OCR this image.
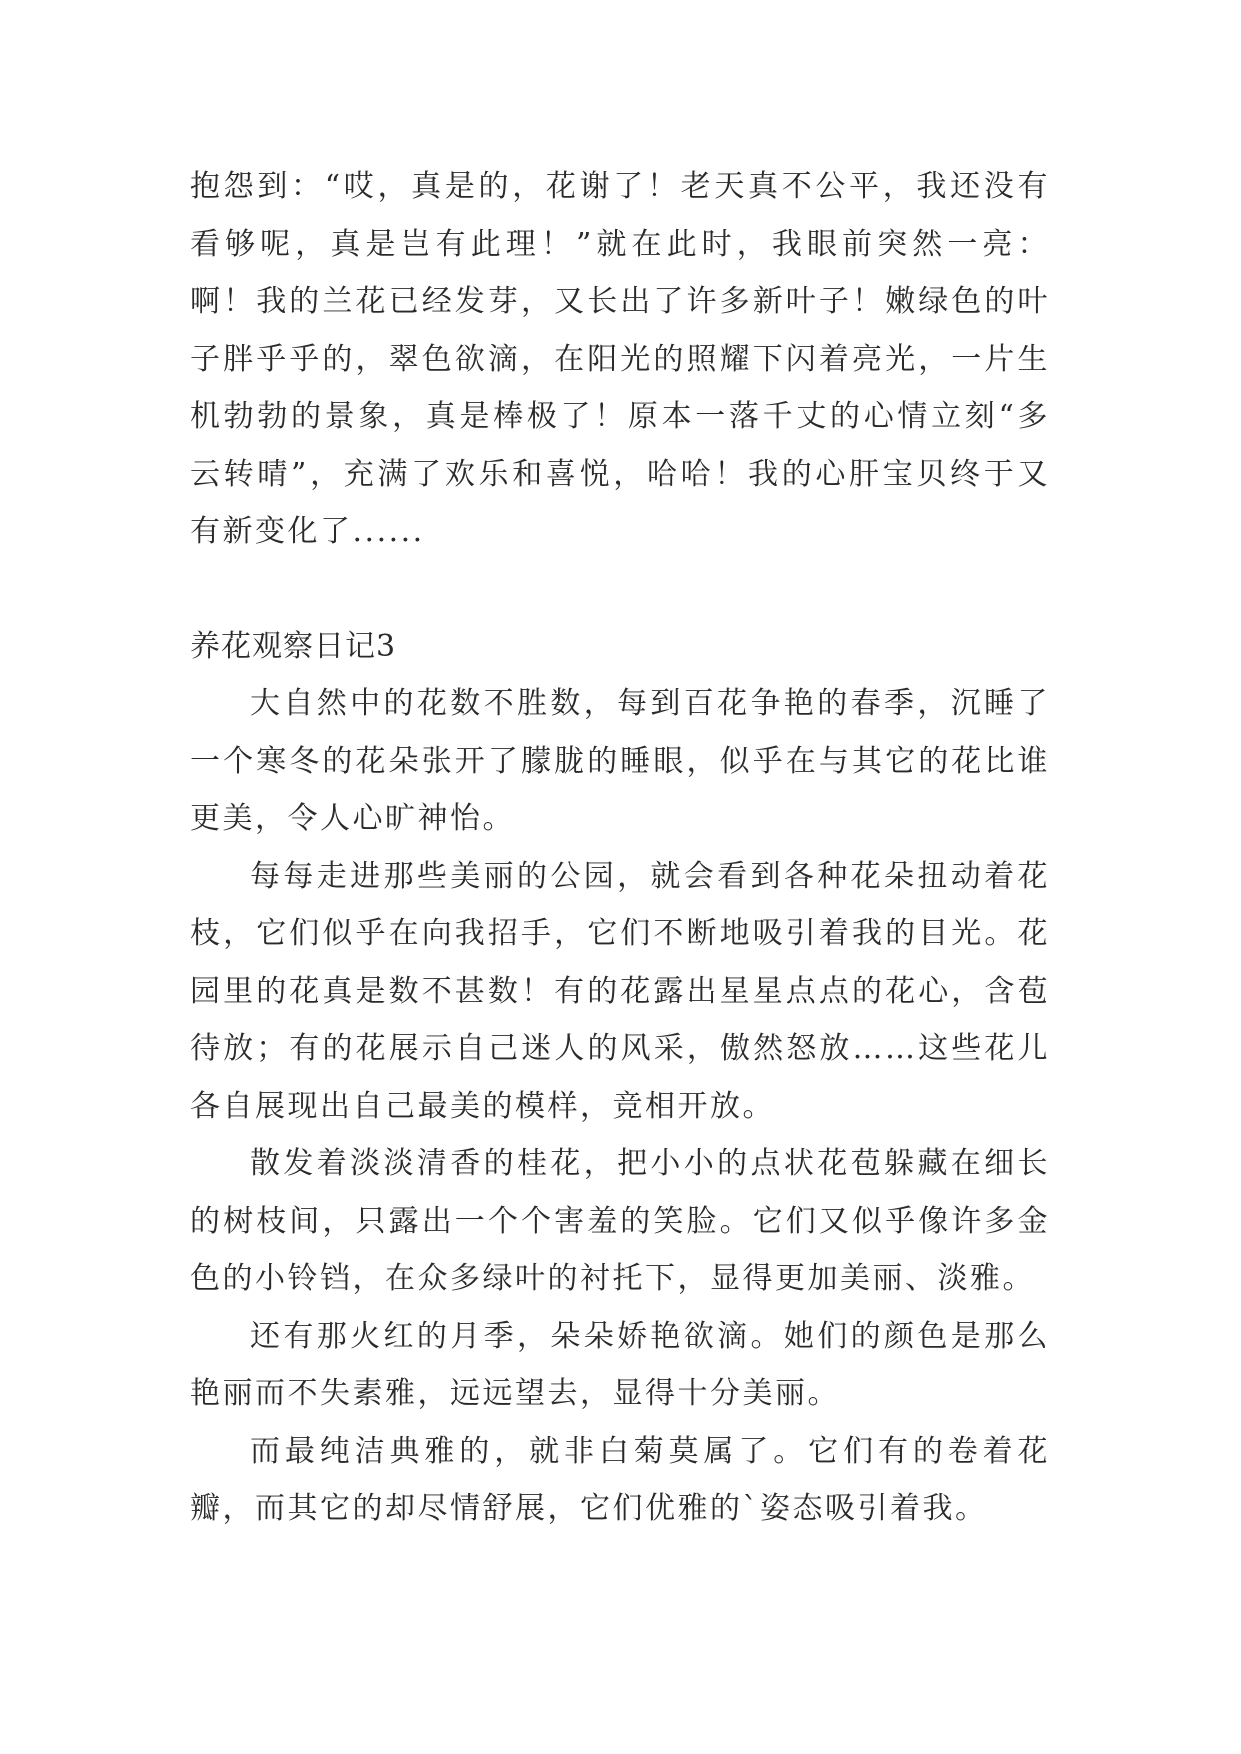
抱怨到：“哎，真是的，花谢了！老天真不公平，我还没有看够呢，真是岂有此理！”就在此时，我眼前突然一亮：啊！我的兰花已经发芽，又长出了许多新叶子！嫩绿色的叶子胖乎乎的，翠色欲滴，在阳光的照耀下闪着亮光，一片生机勃勃的景象，真是棒极了！原本一落千丈的心情立刻“多云转晴”，充满了欢乐和喜悦，哈哈！我的心肝宝贝终于又有新变化了......

养花观察日记3

大自然中的花数不胜数，每到百花争艳的春季，沉睡了一个寒冬的花朵张开了朦胧的睡眼，似乎在与其它的花比谁更美，令人心旷神怡。

每每走进那些美丽的公园，就会看到各种花朵扭动着花枝，它们似乎在向我招手，它们不断地吸引着我的目光。花园里的花真是数不甚数！有的花露出星星点点的花心，含苞待放；有的花展示自己迷人的风采，傲然怒放……这些花儿各自展现出自己最美的模样，竞相开放。

散发着淡淡清香的桂花，把小小的点状花苞躲藏在细长的树枝间，只露出一个个害羞的笑脸。它们又似乎像许多金色的小铃铛，在众多绿叶的衬托下，显得更加美丽、淡雅。

还有那火红的月季，朵朵娇艳欲滴。她们的颜色是那么艳丽而不失素雅，远远望去，显得十分美丽。

而最纯洁典雅的，就非白菊莫属了。它们有的卷着花瓣，而其它的却尽情舒展，它们优雅的`姿态吸引着我。
